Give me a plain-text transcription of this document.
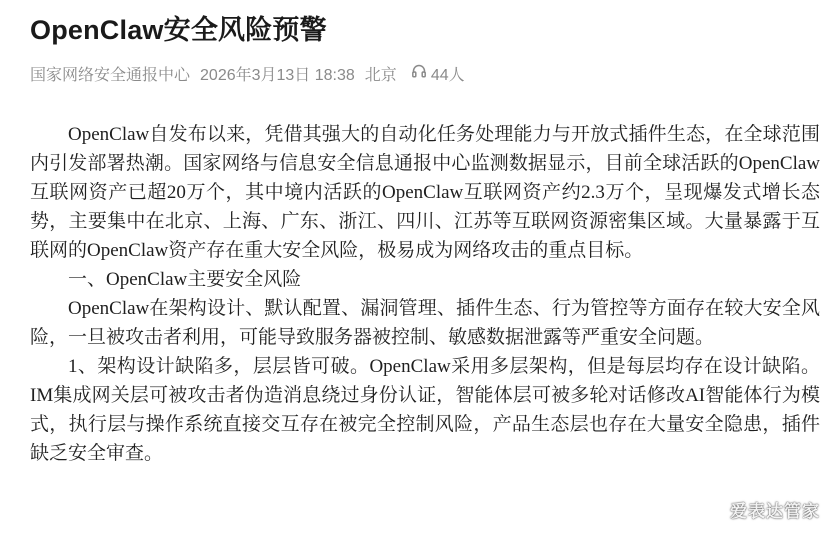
OpenClaw安全风险预警
国家网络安全通报中心 2026年3月13日 18:38 北京 44人

OpenClaw自发布以来，凭借其强大的自动化任务处理能力与开放式插件生态，在全球范围内引发部署热潮。国家网络与信息安全信息通报中心监测数据显示，目前全球活跃的OpenClaw互联网资产已超20万个，其中境内活跃的OpenClaw互联网资产约2.3万个，呈现爆发式增长态势，主要集中在北京、上海、广东、浙江、四川、江苏等互联网资源密集区域。大量暴露于互联网的OpenClaw资产存在重大安全风险，极易成为网络攻击的重点目标。

一、OpenClaw主要安全风险

OpenClaw在架构设计、默认配置、漏洞管理、插件生态、行为管控等方面存在较大安全风险，一旦被攻击者利用，可能导致服务器被控制、敏感数据泄露等严重安全问题。

1、架构设计缺陷多，层层皆可破。OpenClaw采用多层架构，但是每层均存在设计缺陷。IM集成网关层可被攻击者伪造消息绕过身份认证，智能体层可被多轮对话修改AI智能体行为模式，执行层与操作系统直接交互存在被完全控制风险，产品生态层也存在大量安全隐患，插件缺乏安全审查。

爱表达管家
